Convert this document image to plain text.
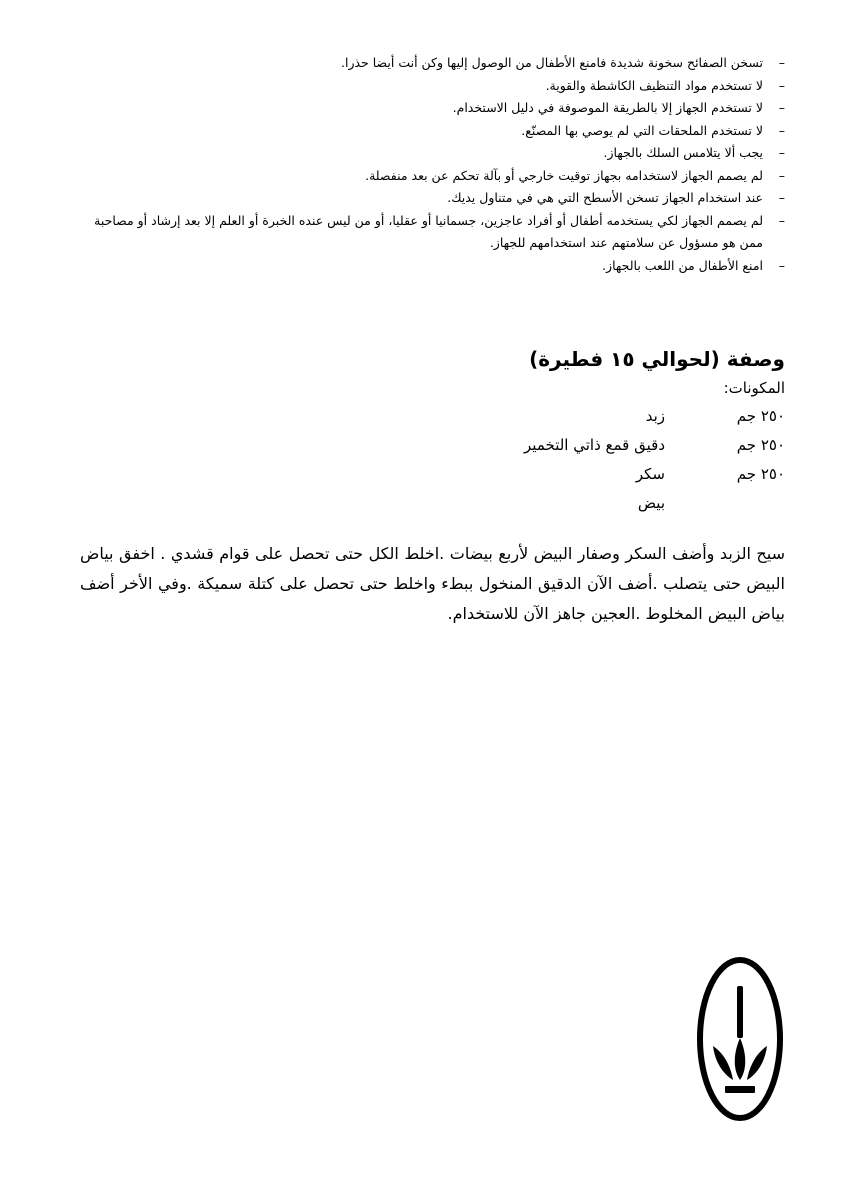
–
تسخن الصفائح سخونة شديدة فامنع الأطفال من الوصول إليها وكن أنت أيضا حذرا.
–
لا تستخدم مواد التنظيف الكاشطة والقوية.
–
لا تستخدم الجهاز إلا بالطريقة الموصوفة في دليل الاستخدام.
–
لا تستخدم الملحقات التي لم يوصي بها المصنّع.
–
يجب ألا يتلامس السلك بالجهاز.
–
لم يصمم الجهاز لاستخدامه بجهاز توقيت خارجي أو بآلة تحكم عن بعد منفصلة.
–
عند استخدام الجهاز تسخن الأسطح التي هي في متناول يديك.
–
لم يصمم الجهاز لكي يستخدمه أطفال أو أفراد عاجزين، جسمانيا أو عقليا، أو من ليس عنده الخبرة أو العلم إلا بعد إرشاد أو مصاحبة ممن هو مسؤول عن سلامتهم عند استخدامهم للجهاز.
–
امنع الأطفال من اللعب بالجهاز.
وصفة (لحوالي ١٥ فطيرة)
المكونات:
٢٥٠ جم	زبد
٢٥٠ جم	دقيق قمع ذاتي التخمير
٢٥٠ جم	سكر
	بيض

سيح الزبد وأضف السكر وصفار البيض لأربع بيضات .اخلط الكل حتى تحصل على قوام قشدي . اخفق بياض البيض حتى يتصلب .أضف الآن الدقيق المنخول ببطء واخلط حتى تحصل على كتلة سميكة .وفي الأخر أضف بياض البيض المخلوط .العجين جاهز الآن للاستخدام.
